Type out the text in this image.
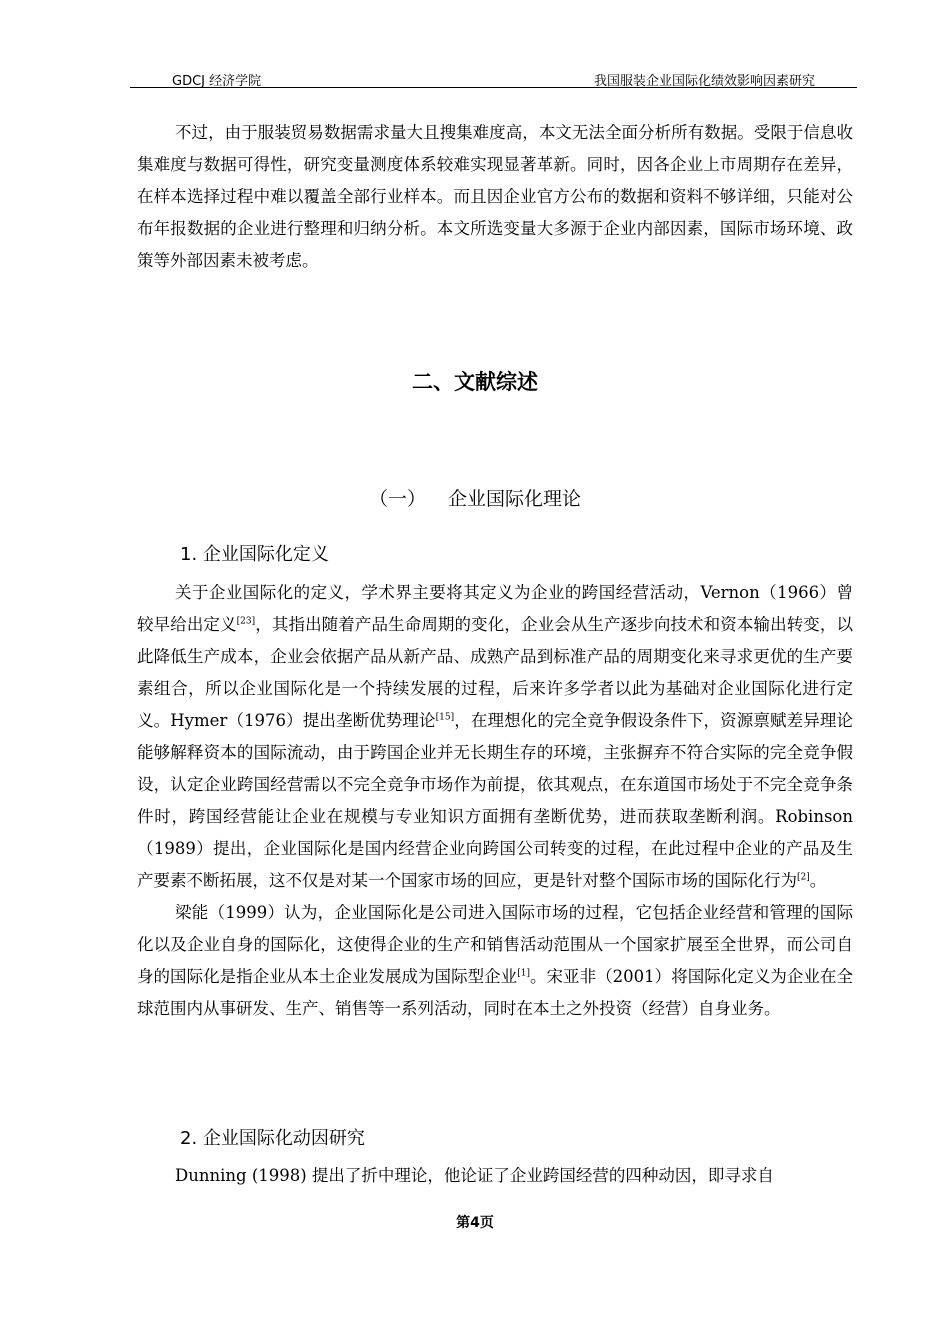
GDCJ 经济学院	我国服装企业国际化绩效影响因素研究

不过，由于服装贸易数据需求量大且搜集难度高，本文无法全面分析所有数据。受限于信息收集难度与数据可得性，研究变量测度体系较难实现显著革新。同时，因各企业上市周期存在差异，在样本选择过程中难以覆盖全部行业样本。而且因企业官方公布的数据和资料不够详细，只能对公布年报数据的企业进行整理和归纳分析。本文所选变量大多源于企业内部因素，国际市场环境、政策等外部因素未被考虑。

二、文献综述
（一） 企业国际化理论
1. 企业国际化定义

关于企业国际化的定义，学术界主要将其定义为企业的跨国经营活动，Vernon（1966）曾较早给出定义[23]，其指出随着产品生命周期的变化，企业会从生产逐步向技术和资本输出转变，以此降低生产成本，企业会依据产品从新产品、成熟产品到标准产品的周期变化来寻求更优的生产要素组合，所以企业国际化是一个持续发展的过程，后来许多学者以此为基础对企业国际化进行定义。Hymer（1976）提出垄断优势理论[15]，在理想化的完全竞争假设条件下，资源禀赋差异理论能够解释资本的国际流动，由于跨国企业并无长期生存的环境，主张摒弃不符合实际的完全竞争假设，认定企业跨国经营需以不完全竞争市场作为前提，依其观点，在东道国市场处于不完全竞争条件时，跨国经营能让企业在规模与专业知识方面拥有垄断优势，进而获取垄断利润。Robinson（1989）提出，企业国际化是国内经营企业向跨国公司转变的过程，在此过程中企业的产品及生产要素不断拓展，这不仅是对某一个国家市场的回应，更是针对整个国际市场的国际化行为[2]。

梁能（1999）认为，企业国际化是公司进入国际市场的过程，它包括企业经营和管理的国际化以及企业自身的国际化，这使得企业的生产和销售活动范围从一个国家扩展至全世界，而公司自身的国际化是指企业从本土企业发展成为国际型企业[1]。宋亚非（2001）将国际化定义为企业在全球范围内从事研发、生产、销售等一系列活动，同时在本土之外投资（经营）自身业务。

2. 企业国际化动因研究

Dunning (1998) 提出了折中理论，他论证了企业跨国经营的四种动因，即寻求自

第4页
